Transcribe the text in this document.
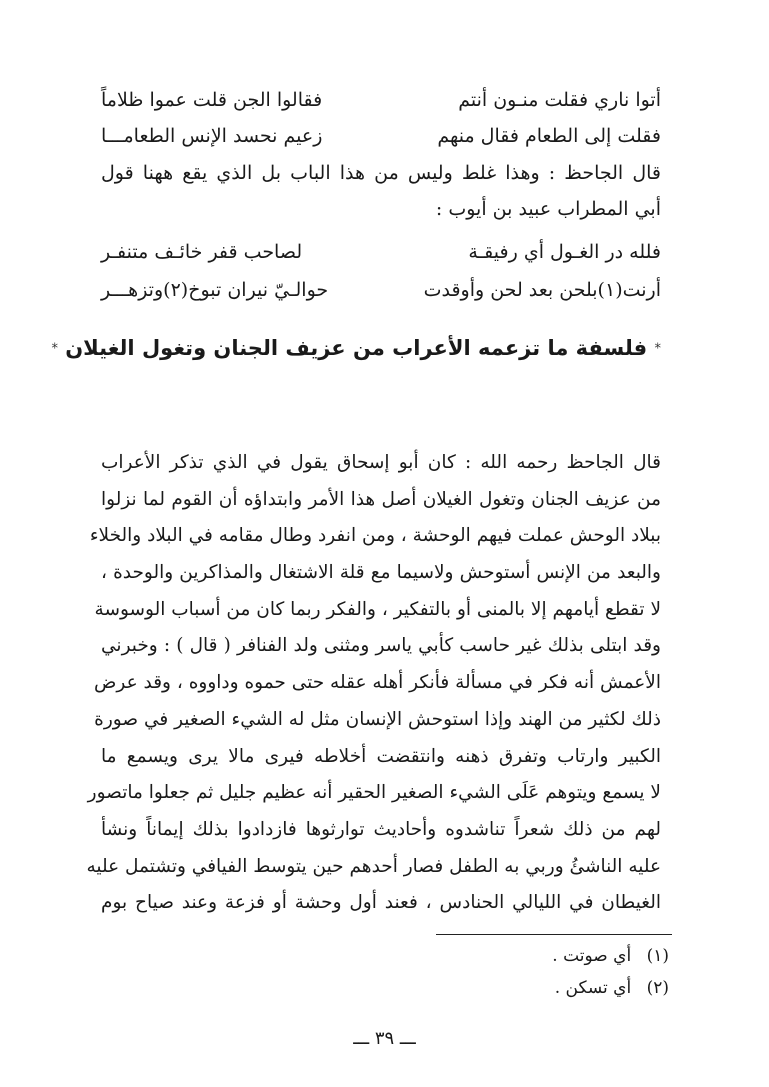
أتوا ناري فقلت منـون أنتم
فقالوا الجن قلت عموا ظلاماً
فقلت إلى الطعام فقال منهم
زعيم نحسد الإنس الطعامـــا
قال الجاحظ : وهذا غلط وليس من هذا الباب بل الذي يقع ههنا قول
أبي المطراب عبيد بن أيوب :
فلله در الغـول أي رفيقـة
لصاحب قفر خائـف متنفـر
أرنت(١)بلحن بعد لحن وأوقدت
حوالـيّ نيران تبوخ(٢)وتزهـــر
* فلسفة ما تزعمه الأعراب من عزيف الجنان وتغول الغيلان *
قال الجاحظ رحمه الله : كان أبو إسحاق يقول في الذي تذكر الأعراب
من عزيف الجنان وتغول الغيلان أصل هذا الأمر وابتداؤه أن القوم لما نزلوا
ببلاد الوحش عملت فيهم الوحشة ، ومن انفرد وطال مقامه في البلاد والخلاء
والبعد من الإنس أستوحش ولاسيما مع قلة الاشتغال والمذاكرين والوحدة ،
لا تقطع أيامهم إلا بالمنى أو بالتفكير ، والفكر ربما كان من أسباب الوسوسة
وقد ابتلى بذلك غير حاسب كأبي ياسر ومثنى ولد الفنافر ( قال ) : وخبرني
الأعمش أنه فكر في مسألة فأنكر أهله عقله حتى حموه وداووه ، وقد عرض
ذلك لكثير من الهند وإذا استوحش الإنسان مثل له الشيء الصغير في صورة
الكبير وارتاب وتفرق ذهنه وانتقضت أخلاطه فيرى مالا يرى ويسمع ما
لا يسمع ويتوهم عَلَى الشيء الصغير الحقير أنه عظيم جليل ثم جعلوا ماتصور
لهم من ذلك شعراً تناشدوه وأحاديث توارثوها فازدادوا بذلك إيماناً ونشأ
عليه الناشئُ وربي به الطفل فصار أحدهم حين يتوسط الفيافي وتشتمل عليه
الغيطان في الليالي الحنادس ، فعند أول وحشة أو فزعة وعند صياح بوم
(١) أي صوتت .
(٢) أي تسكن .
ـــ ٣٩ ـــ
